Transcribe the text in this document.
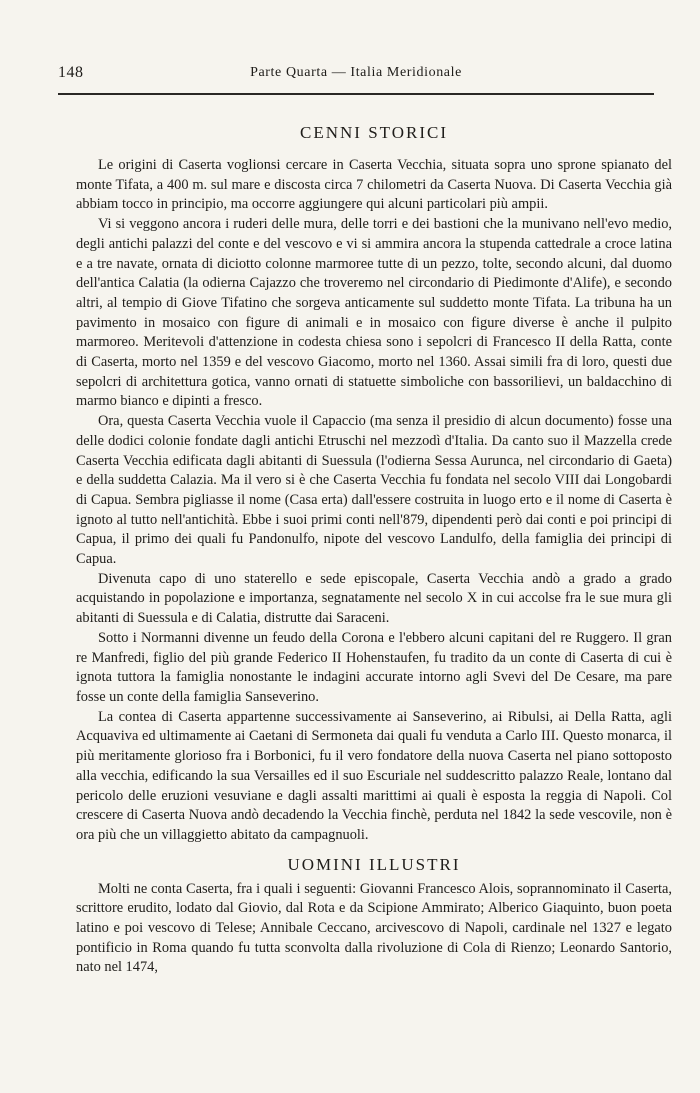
148	Parte Quarta — Italia Meridionale
CENNI STORICI

Le origini di Caserta voglionsi cercare in Caserta Vecchia, situata sopra uno sprone spianato del monte Tifata, a 400 m. sul mare e discosta circa 7 chilometri da Caserta Nuova. Di Caserta Vecchia già abbiam tocco in principio, ma occorre aggiungere qui alcuni particolari più ampii.

Vi si veggono ancora i ruderi delle mura, delle torri e dei bastioni che la munivano nell'evo medio, degli antichi palazzi del conte e del vescovo e vi si ammira ancora la stupenda cattedrale a croce latina e a tre navate, ornata di diciotto colonne marmoree tutte di un pezzo, tolte, secondo alcuni, dal duomo dell'antica Calatia (la odierna Cajazzo che troveremo nel circondario di Piedimonte d'Alife), e secondo altri, al tempio di Giove Tifatino che sorgeva anticamente sul suddetto monte Tifata. La tribuna ha un pavimento in mosaico con figure di animali e in mosaico con figure diverse è anche il pulpito marmoreo. Meritevoli d'attenzione in codesta chiesa sono i sepolcri di Francesco II della Ratta, conte di Caserta, morto nel 1359 e del vescovo Giacomo, morto nel 1360. Assai simili fra di loro, questi due sepolcri di architettura gotica, vanno ornati di statuette simboliche con bassorilievi, un baldacchino di marmo bianco e dipinti a fresco.

Ora, questa Caserta Vecchia vuole il Capaccio (ma senza il presidio di alcun documento) fosse una delle dodici colonie fondate dagli antichi Etruschi nel mezzodì d'Italia. Da canto suo il Mazzella crede Caserta Vecchia edificata dagli abitanti di Suessula (l'odierna Sessa Aurunca, nel circondario di Gaeta) e della suddetta Calazia. Ma il vero si è che Caserta Vecchia fu fondata nel secolo VIII dai Longobardi di Capua. Sembra pigliasse il nome (Casa erta) dall'essere costruita in luogo erto e il nome di Caserta è ignoto al tutto nell'antichità. Ebbe i suoi primi conti nell'879, dipendenti però dai conti e poi principi di Capua, il primo dei quali fu Pandonulfo, nipote del vescovo Landulfo, della famiglia dei principi di Capua.

Divenuta capo di uno staterello e sede episcopale, Caserta Vecchia andò a grado a grado acquistando in popolazione e importanza, segnatamente nel secolo X in cui accolse fra le sue mura gli abitanti di Suessula e di Calatia, distrutte dai Saraceni.

Sotto i Normanni divenne un feudo della Corona e l'ebbero alcuni capitani del re Ruggero. Il gran re Manfredi, figlio del più grande Federico II Hohenstaufen, fu tradito da un conte di Caserta di cui è ignota tuttora la famiglia nonostante le indagini accurate intorno agli Svevi del De Cesare, ma pare fosse un conte della famiglia Sanseverino.

La contea di Caserta appartenne successivamente ai Sanseverino, ai Ribulsi, ai Della Ratta, agli Acquaviva ed ultimamente ai Caetani di Sermoneta dai quali fu venduta a Carlo III. Questo monarca, il più meritamente glorioso fra i Borbonici, fu il vero fondatore della nuova Caserta nel piano sottoposto alla vecchia, edificando la sua Versailles ed il suo Escuriale nel suddescritto palazzo Reale, lontano dal pericolo delle eruzioni vesuviane e dagli assalti marittimi ai quali è esposta la reggia di Napoli. Col crescere di Caserta Nuova andò decadendo la Vecchia finchè, perduta nel 1842 la sede vescovile, non è ora più che un villaggietto abitato da campagnuoli.

UOMINI ILLUSTRI

Molti ne conta Caserta, fra i quali i seguenti: Giovanni Francesco Alois, soprannominato il Caserta, scrittore erudito, lodato dal Giovio, dal Rota e da Scipione Ammirato; Alberico Giaquinto, buon poeta latino e poi vescovo di Telese; Annibale Ceccano, arcivescovo di Napoli, cardinale nel 1327 e legato pontificio in Roma quando fu tutta sconvolta dalla rivoluzione di Cola di Rienzo; Leonardo Santorio, nato nel 1474,
